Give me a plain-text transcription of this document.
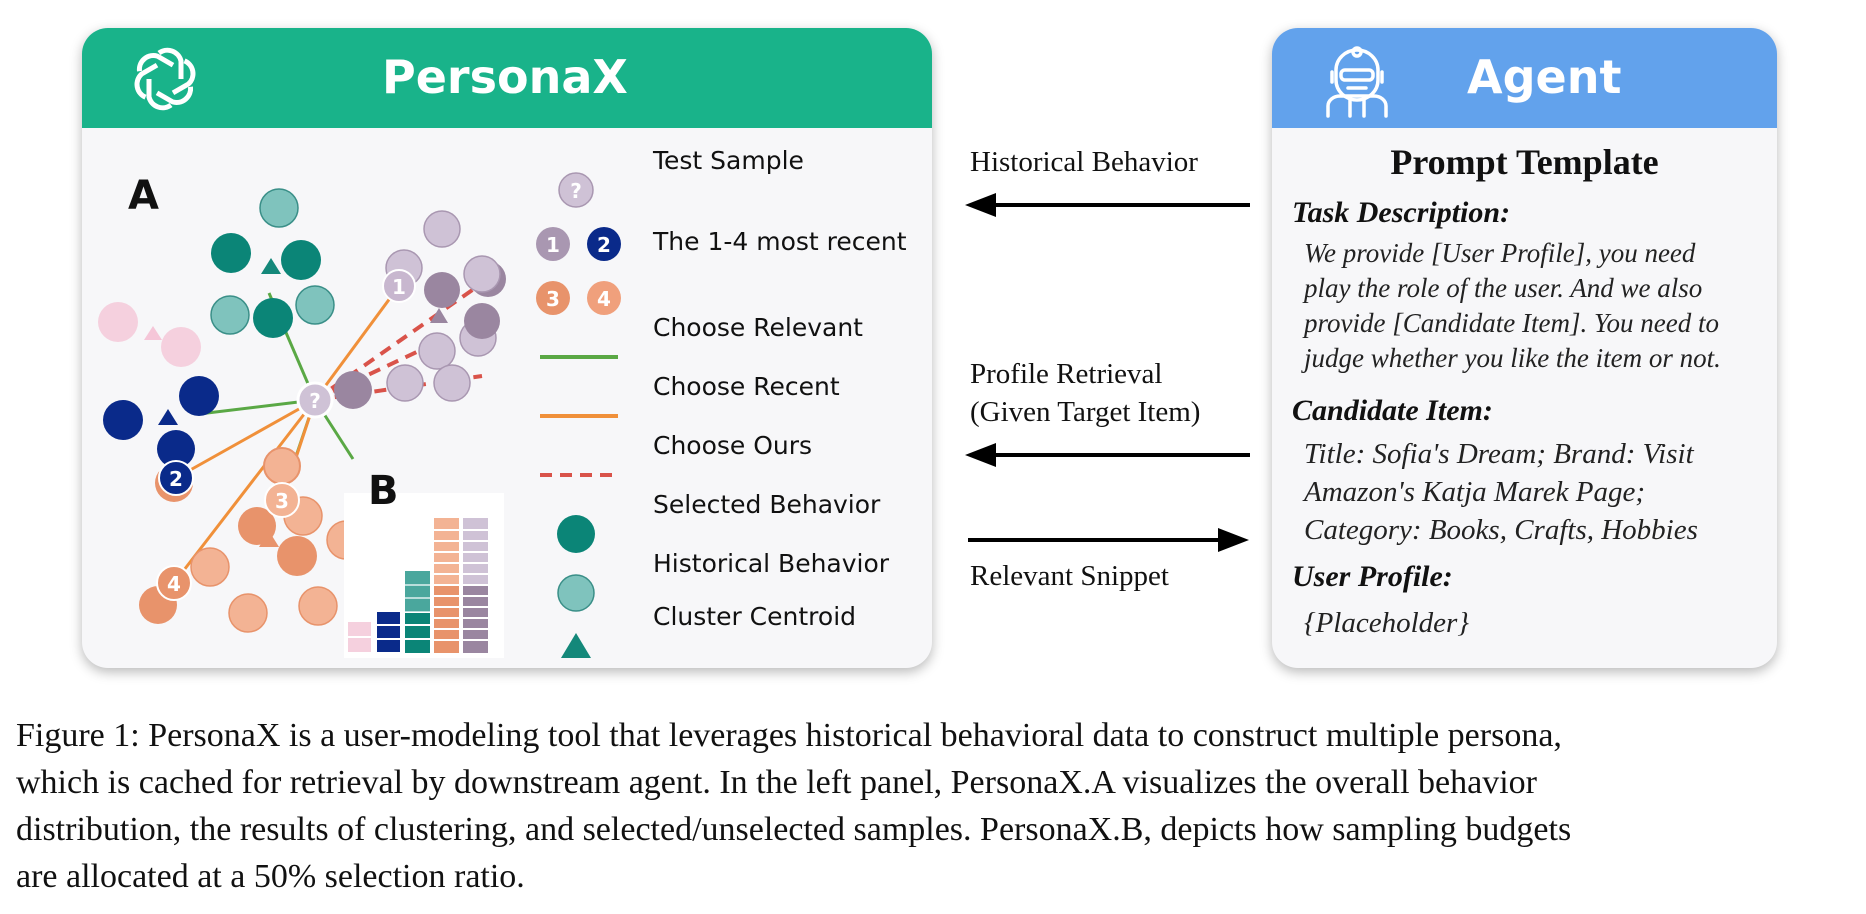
PersonaX
1
2
3
4
?
?
1 2
3 4
A
B
Test Sample
The 1-4 most recent
Choose Relevant
Choose Recent
Choose Ours
Selected Behavior
Historical Behavior
Cluster Centroid
Historical Behavior
Profile Retrieval
(Given Target Item)
Relevant Snippet
Agent
Prompt Template
Task Description:
We provide [User Profile], you need
play the role of the user. And we also
provide [Candidate Item]. You need to
judge whether you like the item or not.
Candidate Item:
Title: Sofia's Dream; Brand: Visit
Amazon's Katja Marek Page;
Category: Books, Crafts, Hobbies
User Profile:
{Placeholder}
Figure 1: PersonaX is a user-modeling tool that leverages historical behavioral data to construct multiple persona,
which is cached for retrieval by downstream agent. In the left panel, PersonaX.A visualizes the overall behavior
distribution, the results of clustering, and selected/unselected samples. PersonaX.B, depicts how sampling budgets
are allocated at a 50% selection ratio.
